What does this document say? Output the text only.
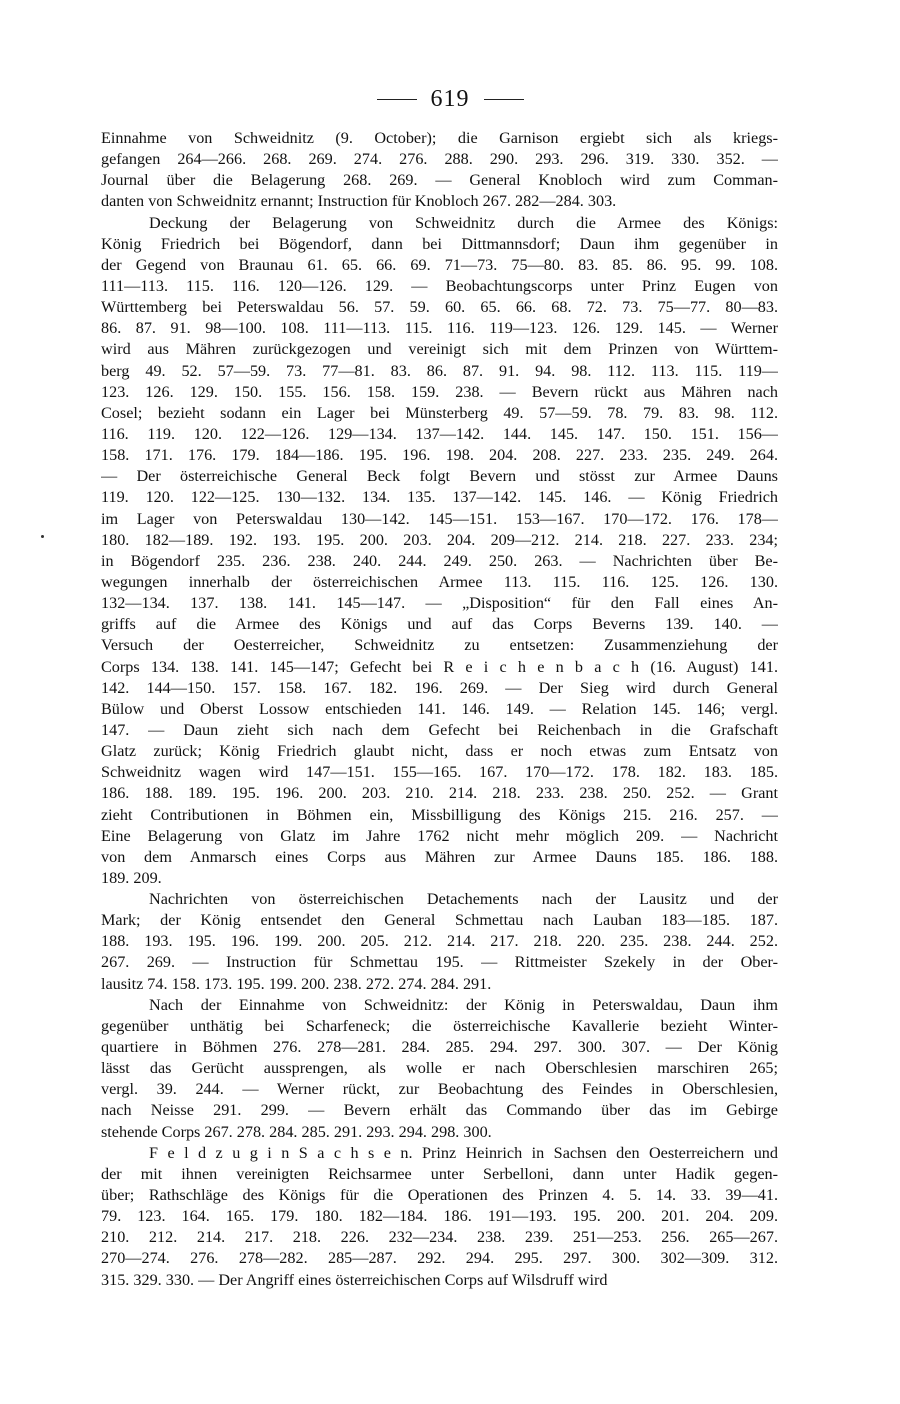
619
Einnahme von Schweidnitz (9. October); die Garnison ergiebt sich als kriegs-
gefangen 264—266. 268. 269. 274. 276. 288. 290. 293. 296. 319. 330. 352. —
Journal über die Belagerung 268. 269. — General Knobloch wird zum Comman-
danten von Schweidnitz ernannt; Instruction für Knobloch 267. 282—284. 303.
Deckung der Belagerung von Schweidnitz durch die Armee des Königs:
König Friedrich bei Bögendorf, dann bei Dittmannsdorf; Daun ihm gegenüber in
der Gegend von Braunau 61. 65. 66. 69. 71—73. 75—80. 83. 85. 86. 95. 99. 108.
111—113. 115. 116. 120—126. 129. — Beobachtungscorps unter Prinz Eugen von
Württemberg bei Peterswaldau 56. 57. 59. 60. 65. 66. 68. 72. 73. 75—77. 80—83.
86. 87. 91. 98—100. 108. 111—113. 115. 116. 119—123. 126. 129. 145. — Werner
wird aus Mähren zurückgezogen und vereinigt sich mit dem Prinzen von Württem-
berg 49. 52. 57—59. 73. 77—81. 83. 86. 87. 91. 94. 98. 112. 113. 115. 119—
123. 126. 129. 150. 155. 156. 158. 159. 238. — Bevern rückt aus Mähren nach
Cosel; bezieht sodann ein Lager bei Münsterberg 49. 57—59. 78. 79. 83. 98. 112.
116. 119. 120. 122—126. 129—134. 137—142. 144. 145. 147. 150. 151. 156—
158. 171. 176. 179. 184—186. 195. 196. 198. 204. 208. 227. 233. 235. 249. 264.
— Der österreichische General Beck folgt Bevern und stösst zur Armee Dauns
119. 120. 122—125. 130—132. 134. 135. 137—142. 145. 146. — König Friedrich
im Lager von Peterswaldau 130—142. 145—151. 153—167. 170—172. 176. 178—
180. 182—189. 192. 193. 195. 200. 203. 204. 209—212. 214. 218. 227. 233. 234;
in Bögendorf 235. 236. 238. 240. 244. 249. 250. 263. — Nachrichten über Be-
wegungen innerhalb der österreichischen Armee 113. 115. 116. 125. 126. 130.
132—134. 137. 138. 141. 145—147. — „Disposition“ für den Fall eines An-
griffs auf die Armee des Königs und auf das Corps Beverns 139. 140. —
Versuch der Oesterreicher, Schweidnitz zu entsetzen: Zusammenziehung der
Corps 134. 138. 141. 145—147; Gefecht bei R e i c h e n b a c h (16. August) 141.
142. 144—150. 157. 158. 167. 182. 196. 269. — Der Sieg wird durch General
Bülow und Oberst Lossow entschieden 141. 146. 149. — Relation 145. 146; vergl.
147. — Daun zieht sich nach dem Gefecht bei Reichenbach in die Grafschaft
Glatz zurück; König Friedrich glaubt nicht, dass er noch etwas zum Entsatz von
Schweidnitz wagen wird 147—151. 155—165. 167. 170—172. 178. 182. 183. 185.
186. 188. 189. 195. 196. 200. 203. 210. 214. 218. 233. 238. 250. 252. — Grant
zieht Contributionen in Böhmen ein, Missbilligung des Königs 215. 216. 257. —
Eine Belagerung von Glatz im Jahre 1762 nicht mehr möglich 209. — Nachricht
von dem Anmarsch eines Corps aus Mähren zur Armee Dauns 185. 186. 188.
189. 209.
Nachrichten von österreichischen Detachements nach der Lausitz und der
Mark; der König entsendet den General Schmettau nach Lauban 183—185. 187.
188. 193. 195. 196. 199. 200. 205. 212. 214. 217. 218. 220. 235. 238. 244. 252.
267. 269. — Instruction für Schmettau 195. — Rittmeister Szekely in der Ober-
lausitz 74. 158. 173. 195. 199. 200. 238. 272. 274. 284. 291.
Nach der Einnahme von Schweidnitz: der König in Peterswaldau, Daun ihm
gegenüber unthätig bei Scharfeneck; die österreichische Kavallerie bezieht Winter-
quartiere in Böhmen 276. 278—281. 284. 285. 294. 297. 300. 307. — Der König
lässt das Gerücht aussprengen, als wolle er nach Oberschlesien marschiren 265;
vergl. 39. 244. — Werner rückt, zur Beobachtung des Feindes in Oberschlesien,
nach Neisse 291. 299. — Bevern erhält das Commando über das im Gebirge
stehende Corps 267. 278. 284. 285. 291. 293. 294. 298. 300.
F e l d z u g i n S a c h s e n. Prinz Heinrich in Sachsen den Oesterreichern und
der mit ihnen vereinigten Reichsarmee unter Serbelloni, dann unter Hadik gegen-
über; Rathschläge des Königs für die Operationen des Prinzen 4. 5. 14. 33. 39—41.
79. 123. 164. 165. 179. 180. 182—184. 186. 191—193. 195. 200. 201. 204. 209.
210. 212. 214. 217. 218. 226. 232—234. 238. 239. 251—253. 256. 265—267.
270—274. 276. 278—282. 285—287. 292. 294. 295. 297. 300. 302—309. 312.
315. 329. 330. — Der Angriff eines österreichischen Corps auf Wilsdruff wird
